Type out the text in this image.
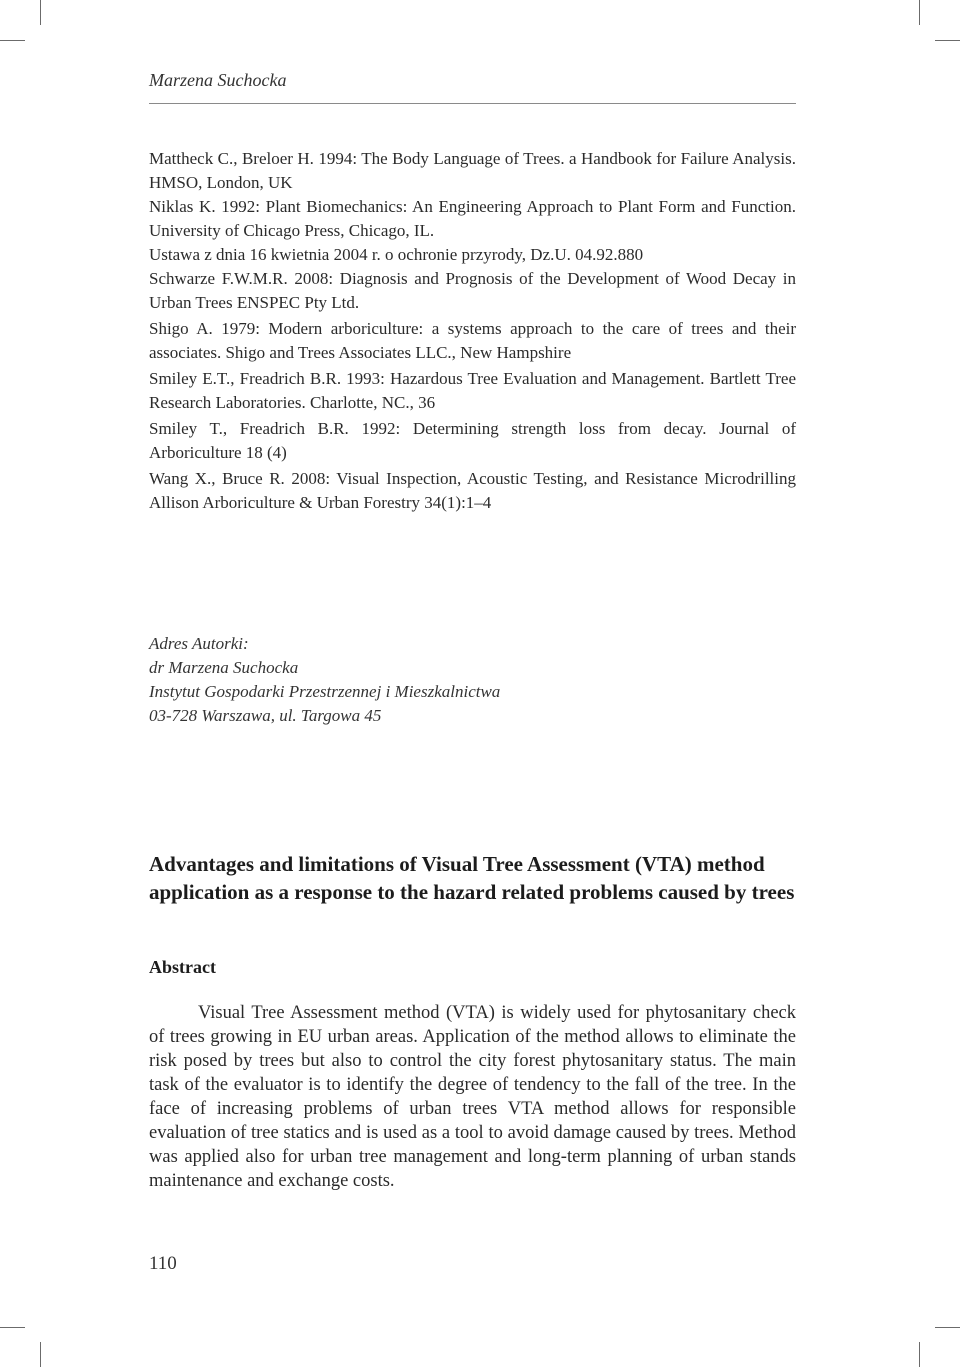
Marzena Suchocka

Mattheck C., Breloer H. 1994: The Body Language of Trees. a Handbook for Failure Analysis. HMSO, London, UK

Niklas K. 1992: Plant Biomechanics: An Engineering Approach to Plant Form and Function. University of Chicago Press, Chicago, IL.

Ustawa z dnia 16 kwietnia 2004 r. o ochronie przyrody, Dz.U. 04.92.880

Schwarze F.W.M.R. 2008: Diagnosis and Prognosis of the Development of Wood Decay in Urban Trees ENSPEC Pty Ltd.

Shigo A. 1979: Modern arboriculture: a systems approach to the care of trees and their associates. Shigo and Trees Associates LLC., New Hampshire

Smiley E.T., Freadrich B.R. 1993: Hazardous Tree Evaluation and Management. Bartlett Tree Research Laboratories. Charlotte, NC., 36

Smiley T., Freadrich B.R. 1992: Determining strength loss from decay. Journal of Arboriculture 18 (4)

Wang X., Bruce R. 2008: Visual Inspection, Acoustic Testing, and Resistance Microdrilling Allison Arboriculture & Urban Forestry 34(1):1–4

Adres Autorki:
dr Marzena Suchocka
Instytut Gospodarki Przestrzennej i Mieszkalnictwa
03-728 Warszawa, ul. Targowa 45
Advantages and limitations of Visual Tree Assessment (VTA) method application as a response to the hazard related problems caused by trees
Abstract

Visual Tree Assessment method (VTA) is widely used for phytosanitary check of trees growing in EU urban areas. Application of the method allows to eliminate the risk posed by trees but also to control the city forest phytosanitary status. The main task of the evaluator is to identify the degree of tendency to the fall of the tree. In the face of increasing problems of urban trees VTA method allows for responsible evaluation of tree statics and is used as a tool to avoid damage caused by trees. Method was applied also for urban tree management and long-term planning of urban stands maintenance and exchange costs.

110
